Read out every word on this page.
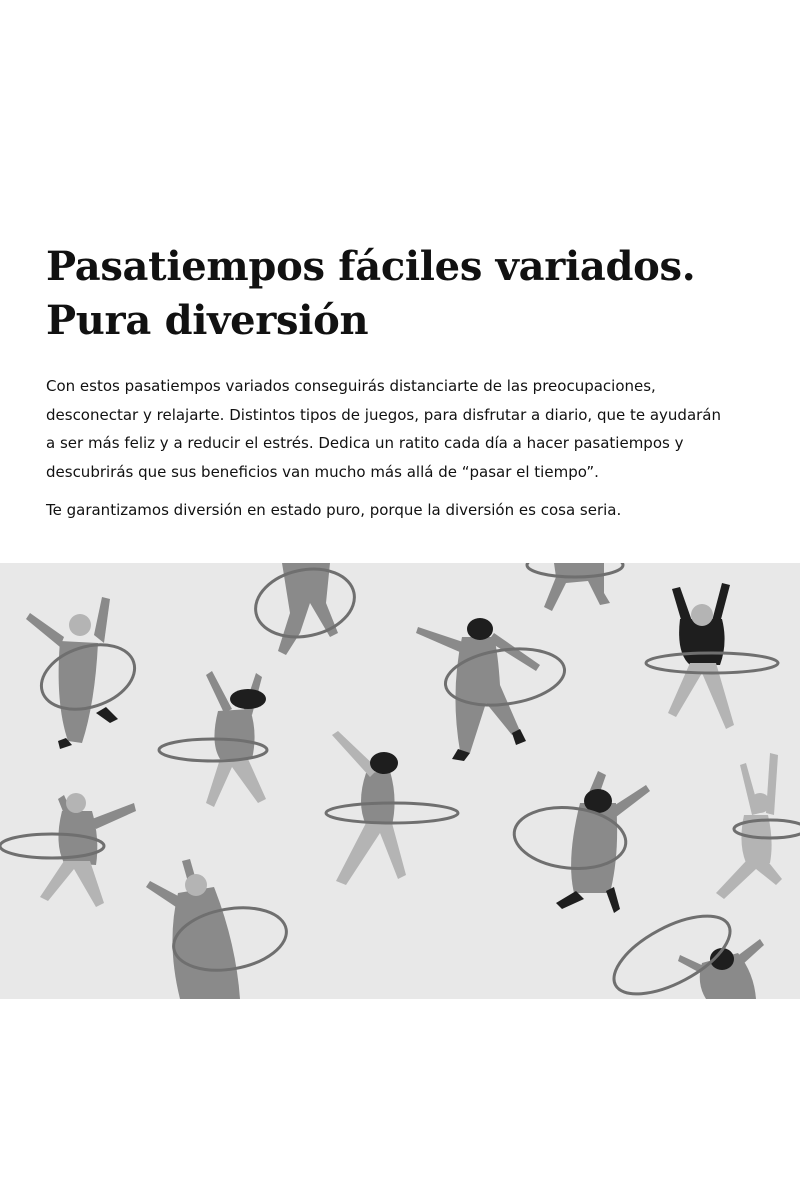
Pasatiempos fáciles variados.
Pura diversión
Con estos pasatiempos variados conseguirás distanciarte de las preocupaciones,
desconectar y relajarte. Distintos tipos de juegos, para disfrutar a diario, que te ayudarán
a ser más feliz y a reducir el estrés. Dedica un ratito cada día a hacer pasatiempos y
descubrirás que sus beneficios van mucho más allá de “pasar el tiempo”.
Te garantizamos diversión en estado puro, porque la diversión es cosa seria.
